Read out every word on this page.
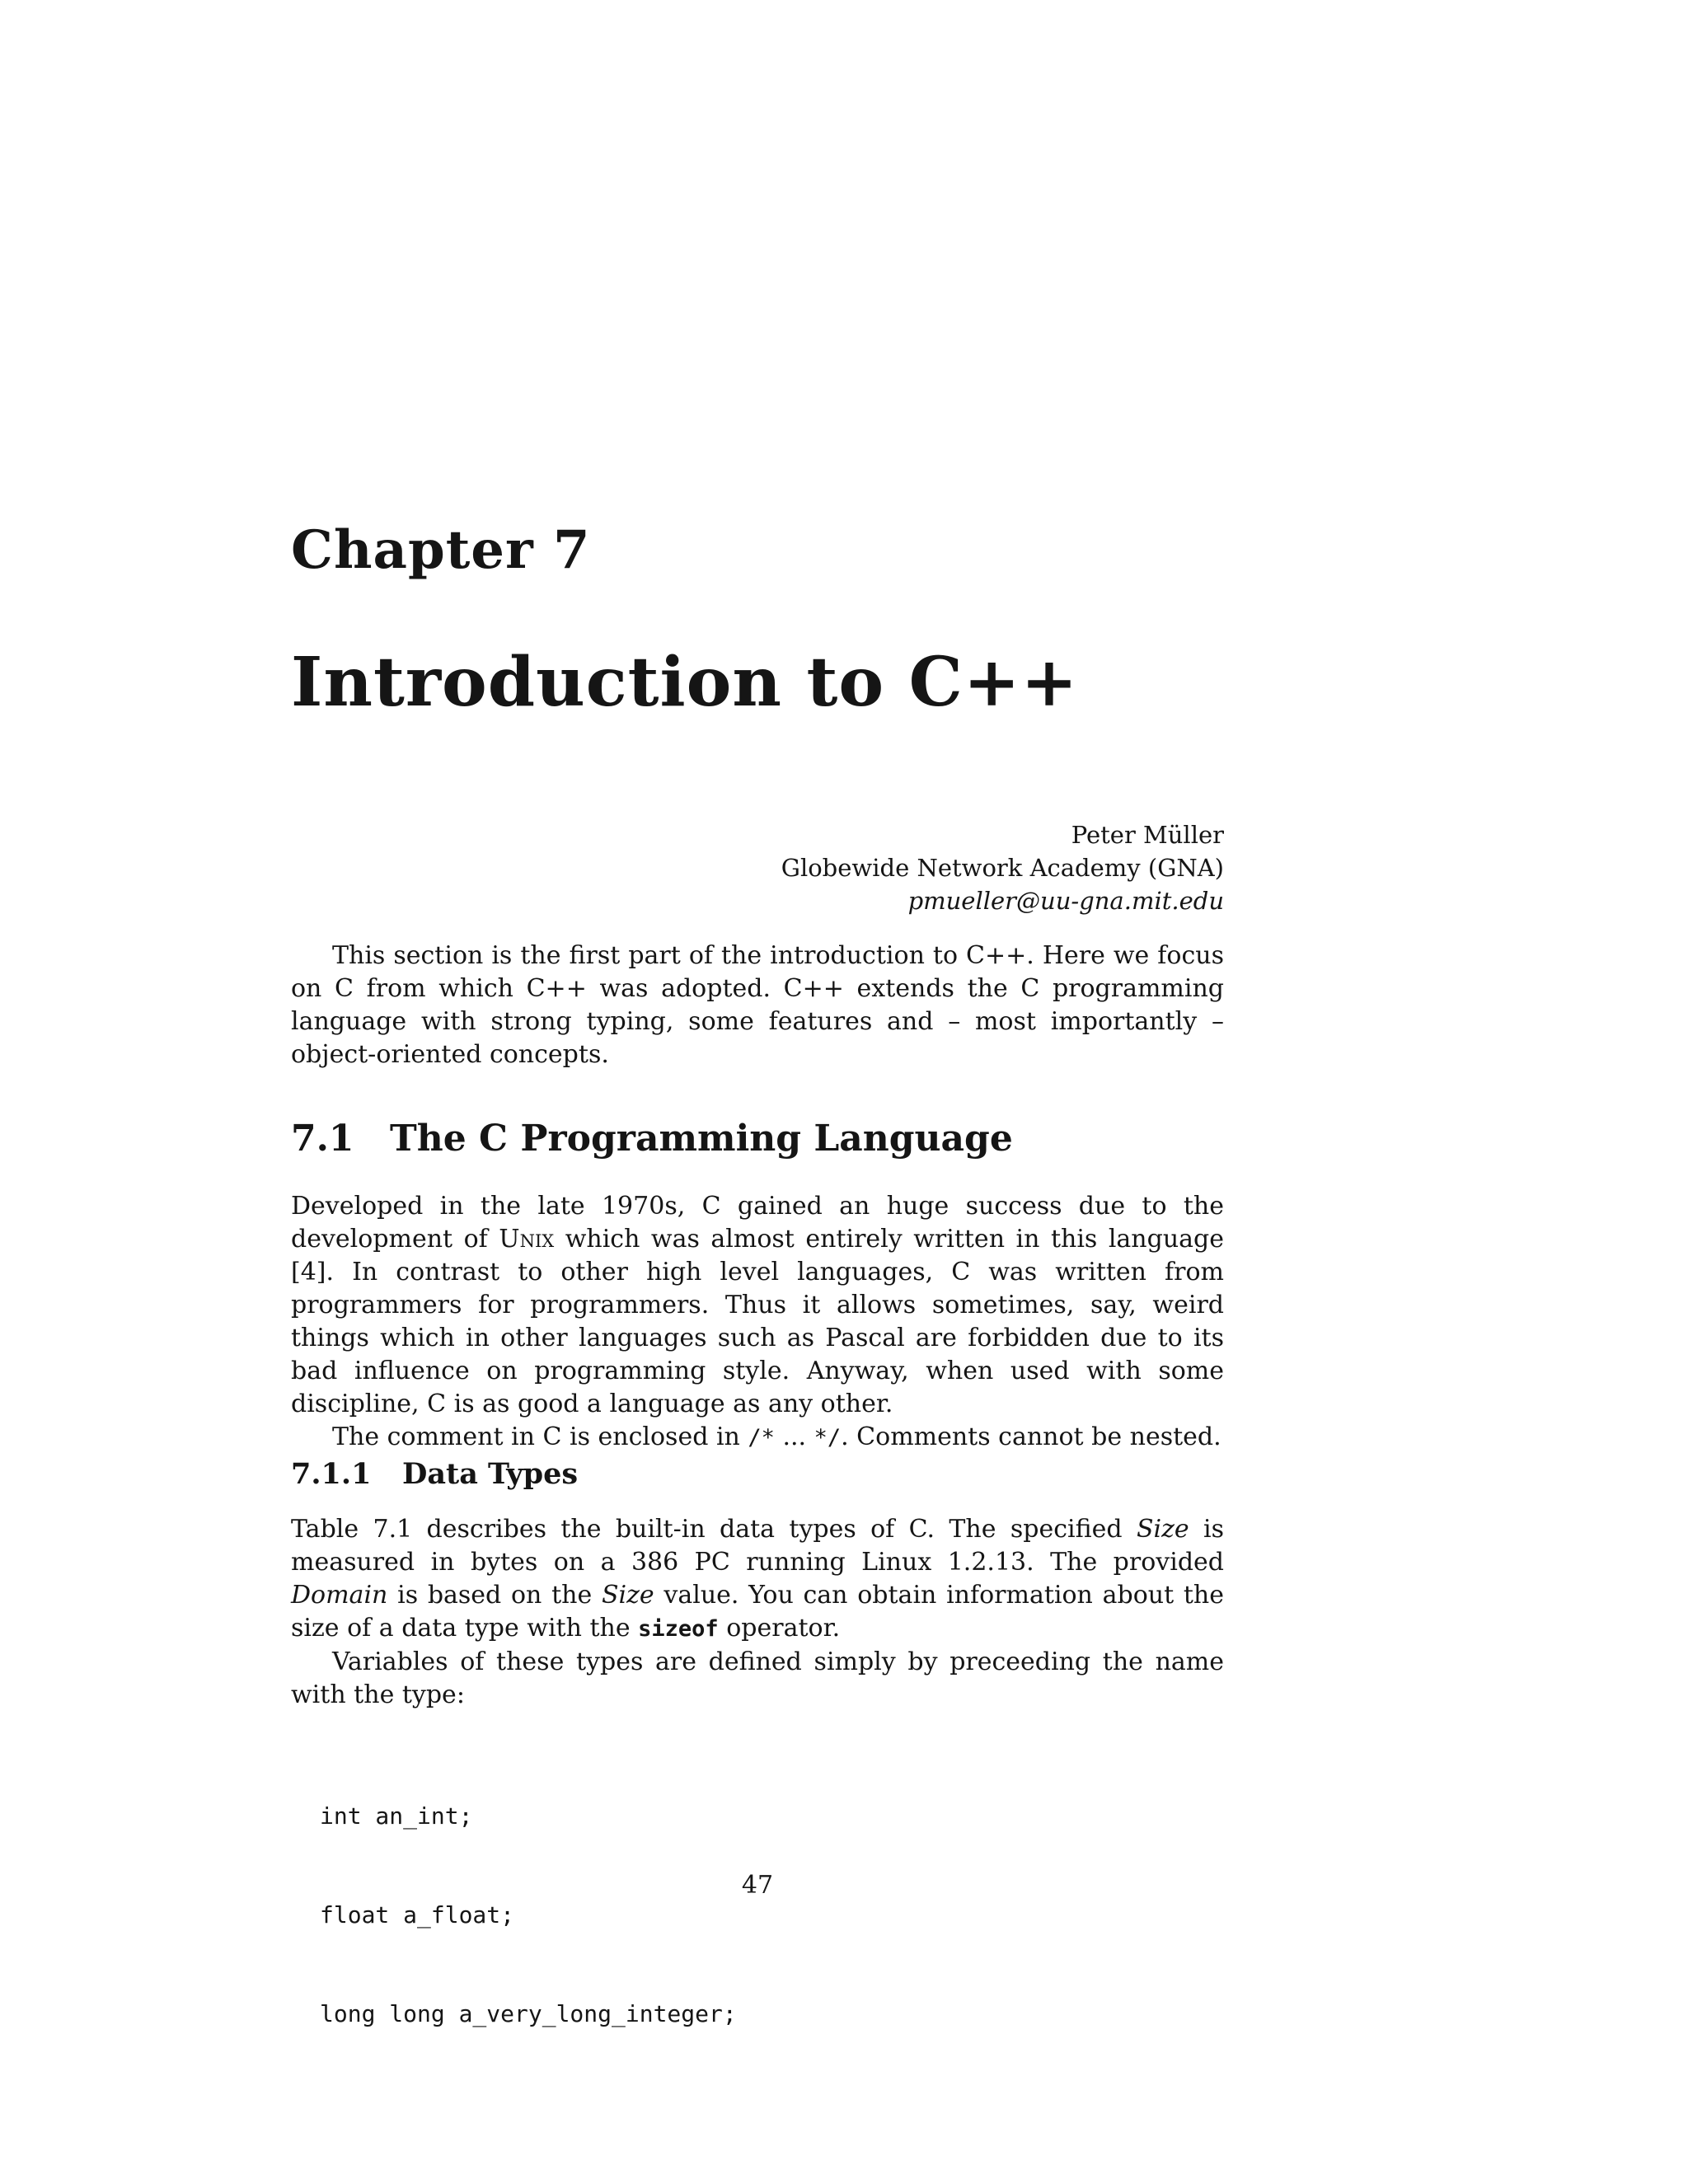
Chapter 7
Introduction to C++
Peter Müller
Globewide Network Academy (GNA)
pmueller@uu-gna.mit.edu

This section is the first part of the introduction to C++. Here we focus on C from which C++ was adopted. C++ extends the C programming language with strong typing, some features and – most importantly – object-oriented concepts.

7.1 The C Programming Language

Developed in the late 1970s, C gained an huge success due to the development of Unix which was almost entirely written in this language [4]. In contrast to other high level languages, C was written from programmers for programmers. Thus it allows sometimes, say, weird things which in other languages such as Pascal are forbidden due to its bad influence on programming style. Anyway, when used with some discipline, C is as good a language as any other.

The comment in C is enclosed in /* ... */. Comments cannot be nested.

7.1.1 Data Types

Table 7.1 describes the built-in data types of C. The specified Size is measured in bytes on a 386 PC running Linux 1.2.13. The provided Domain is based on the Size value. You can obtain information about the size of a data type with the sizeof operator.

Variables of these types are defined simply by preceeding the name with the type:

int an_int;

float a_float;

long long a_very_long_integer;

47
